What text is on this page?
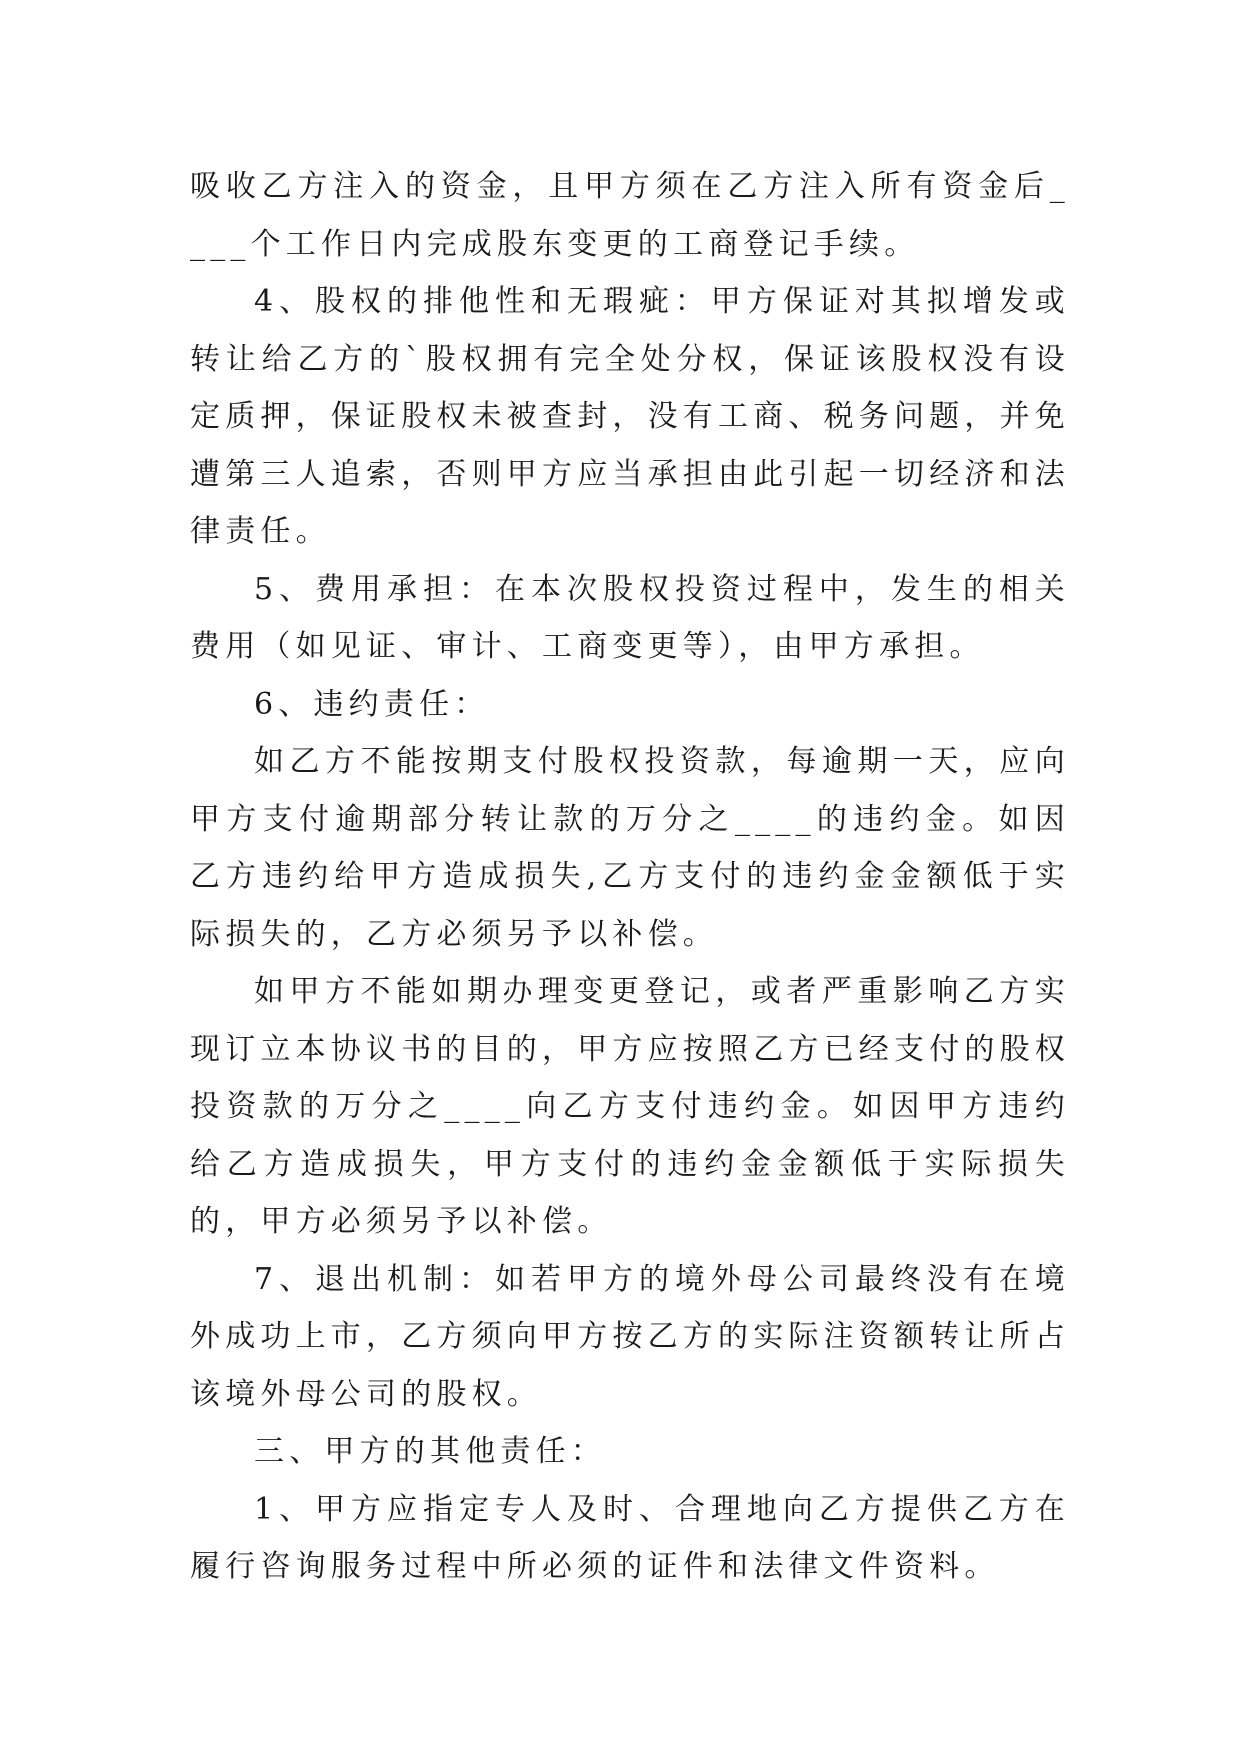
吸收乙方注入的资金，且甲方须在乙方注入所有资金后____个工作日内完成股东变更的工商登记手续。

4、股权的排他性和无瑕疵：甲方保证对其拟增发或转让给乙方的`股权拥有完全处分权，保证该股权没有设定质押，保证股权未被查封，没有工商、税务问题，并免遭第三人追索，否则甲方应当承担由此引起一切经济和法律责任。

5、费用承担：在本次股权投资过程中，发生的相关费用（如见证、审计、工商变更等），由甲方承担。

6、违约责任：

如乙方不能按期支付股权投资款，每逾期一天，应向甲方支付逾期部分转让款的万分之____的违约金。如因乙方违约给甲方造成损失,乙方支付的违约金金额低于实际损失的，乙方必须另予以补偿。

如甲方不能如期办理变更登记，或者严重影响乙方实现订立本协议书的目的，甲方应按照乙方已经支付的股权投资款的万分之____向乙方支付违约金。如因甲方违约给乙方造成损失，甲方支付的违约金金额低于实际损失的，甲方必须另予以补偿。

7、退出机制：如若甲方的境外母公司最终没有在境外成功上市，乙方须向甲方按乙方的实际注资额转让所占该境外母公司的股权。

三、甲方的其他责任：

1、甲方应指定专人及时、合理地向乙方提供乙方在履行咨询服务过程中所必须的证件和法律文件资料。
